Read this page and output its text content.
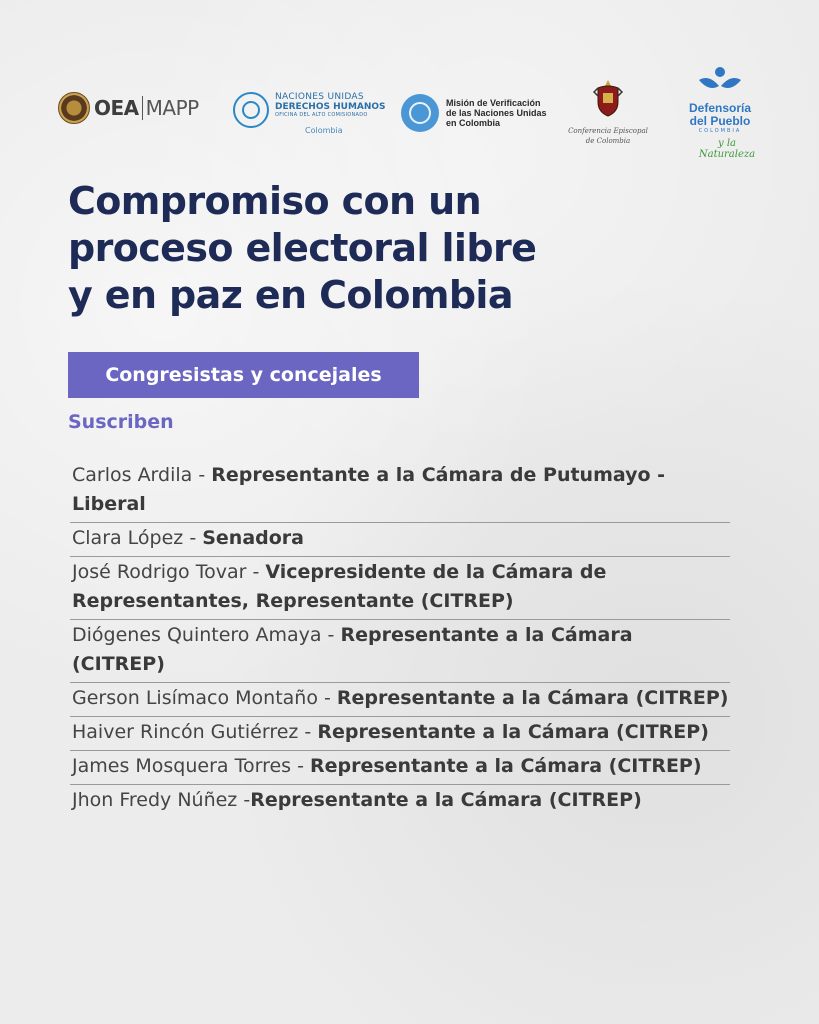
OEA MAPP	NACIONES UNIDAS
DERECHOS HUMANOS
OFICINA DEL ALTO COMISIONADO
Colombia
Misión de Verificación
de las Naciones Unidas
en Colombia
Conferencia Episcopal
de Colombia
Defensoría
del Pueblo
COLOMBIA
y la Naturaleza
Compromiso con un
proceso electoral libre
y en paz en Colombia
Congresistas y concejales
Suscriben
Carlos Ardila - Representante a la Cámara de Putumayo - Liberal
Clara López - Senadora
José Rodrigo Tovar - Vicepresidente de la Cámara de Representantes, Representante (CITREP)
Diógenes Quintero Amaya - Representante a la Cámara (CITREP)
Gerson Lisímaco Montaño - Representante a la Cámara (CITREP)
Haiver Rincón Gutiérrez - Representante a la Cámara (CITREP)
James Mosquera Torres - Representante a la Cámara (CITREP)
Jhon Fredy Núñez -Representante a la Cámara (CITREP)
